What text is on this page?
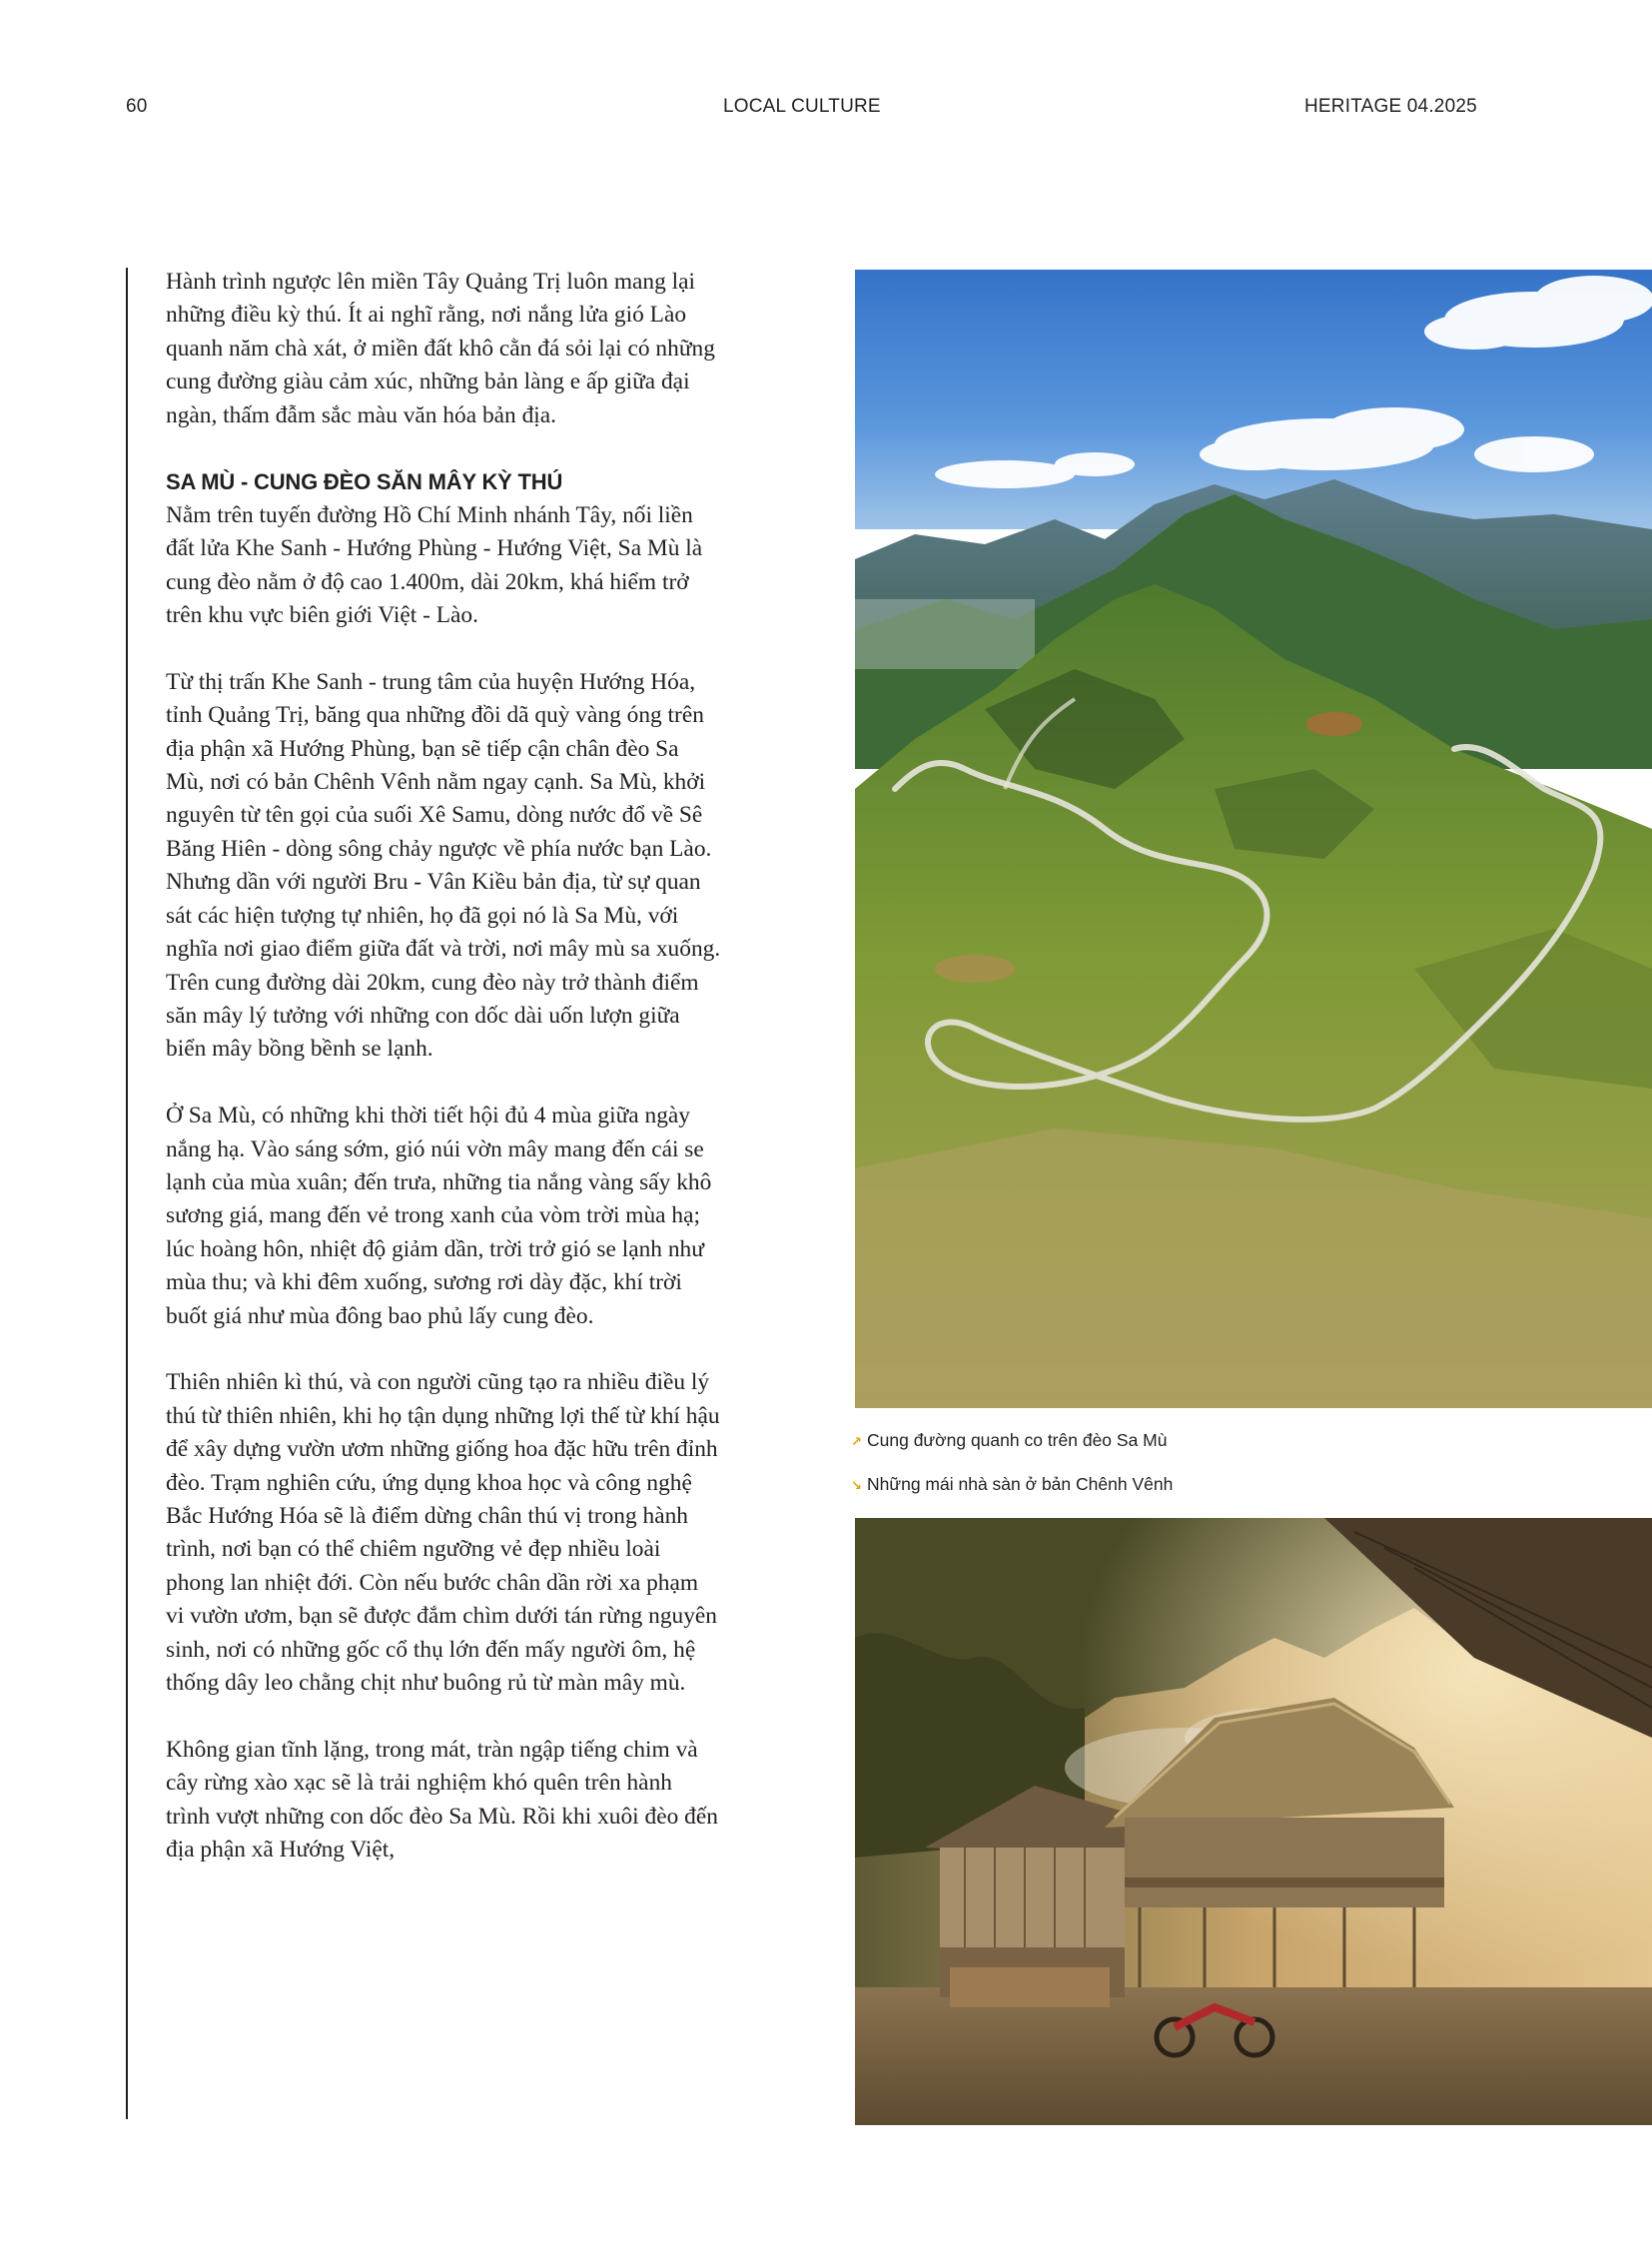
60	LOCAL CULTURE	HERITAGE 04.2025

Hành trình ngược lên miền Tây Quảng Trị luôn mang lại những điều kỳ thú. Ít ai nghĩ rằng, nơi nắng lửa gió Lào quanh năm chà xát, ở miền đất khô cằn đá sỏi lại có những cung đường giàu cảm xúc, những bản làng e ấp giữa đại ngàn, thấm đẫm sắc màu văn hóa bản địa.

SA MÙ - CUNG ĐÈO SĂN MÂY KỲ THÚ

Nằm trên tuyến đường Hồ Chí Minh nhánh Tây, nối liền đất lửa Khe Sanh - Hướng Phùng - Hướng Việt, Sa Mù là cung đèo nằm ở độ cao 1.400m, dài 20km, khá hiểm trở trên khu vực biên giới Việt - Lào.

Từ thị trấn Khe Sanh - trung tâm của huyện Hướng Hóa, tỉnh Quảng Trị, băng qua những đồi dã quỳ vàng óng trên địa phận xã Hướng Phùng, bạn sẽ tiếp cận chân đèo Sa Mù, nơi có bản Chênh Vênh nằm ngay cạnh. Sa Mù, khởi nguyên từ tên gọi của suối Xê Samu, dòng nước đổ về Sê Băng Hiên - dòng sông chảy ngược về phía nước bạn Lào. Nhưng dần với người Bru - Vân Kiều bản địa, từ sự quan sát các hiện tượng tự nhiên, họ đã gọi nó là Sa Mù, với nghĩa nơi giao điểm giữa đất và trời, nơi mây mù sa xuống. Trên cung đường dài 20km, cung đèo này trở thành điểm săn mây lý tưởng với những con dốc dài uốn lượn giữa biển mây bồng bềnh se lạnh.

Ở Sa Mù, có những khi thời tiết hội đủ 4 mùa giữa ngày nắng hạ. Vào sáng sớm, gió núi vờn mây mang đến cái se lạnh của mùa xuân; đến trưa, những tia nắng vàng sấy khô sương giá, mang đến vẻ trong xanh của vòm trời mùa hạ; lúc hoàng hôn, nhiệt độ giảm dần, trời trở gió se lạnh như mùa thu; và khi đêm xuống, sương rơi dày đặc, khí trời buốt giá như mùa đông bao phủ lấy cung đèo.

Thiên nhiên kì thú, và con người cũng tạo ra nhiều điều lý thú từ thiên nhiên, khi họ tận dụng những lợi thế từ khí hậu để xây dựng vườn ươm những giống hoa đặc hữu trên đỉnh đèo. Trạm nghiên cứu, ứng dụng khoa học và công nghệ Bắc Hướng Hóa sẽ là điểm dừng chân thú vị trong hành trình, nơi bạn có thể chiêm ngưỡng vẻ đẹp nhiều loài phong lan nhiệt đới. Còn nếu bước chân dần rời xa phạm vi vườn ươm, bạn sẽ được đắm chìm dưới tán rừng nguyên sinh, nơi có những gốc cổ thụ lớn đến mấy người ôm, hệ thống dây leo chằng chịt như buông rủ từ màn mây mù.

Không gian tĩnh lặng, trong mát, tràn ngập tiếng chim và cây rừng xào xạc sẽ là trải nghiệm khó quên trên hành trình vượt những con dốc đèo Sa Mù. Rồi khi xuôi đèo đến địa phận xã Hướng Việt,

↗ Cung đường quanh co trên đèo Sa Mù
↘ Những mái nhà sàn ở bản Chênh Vênh
